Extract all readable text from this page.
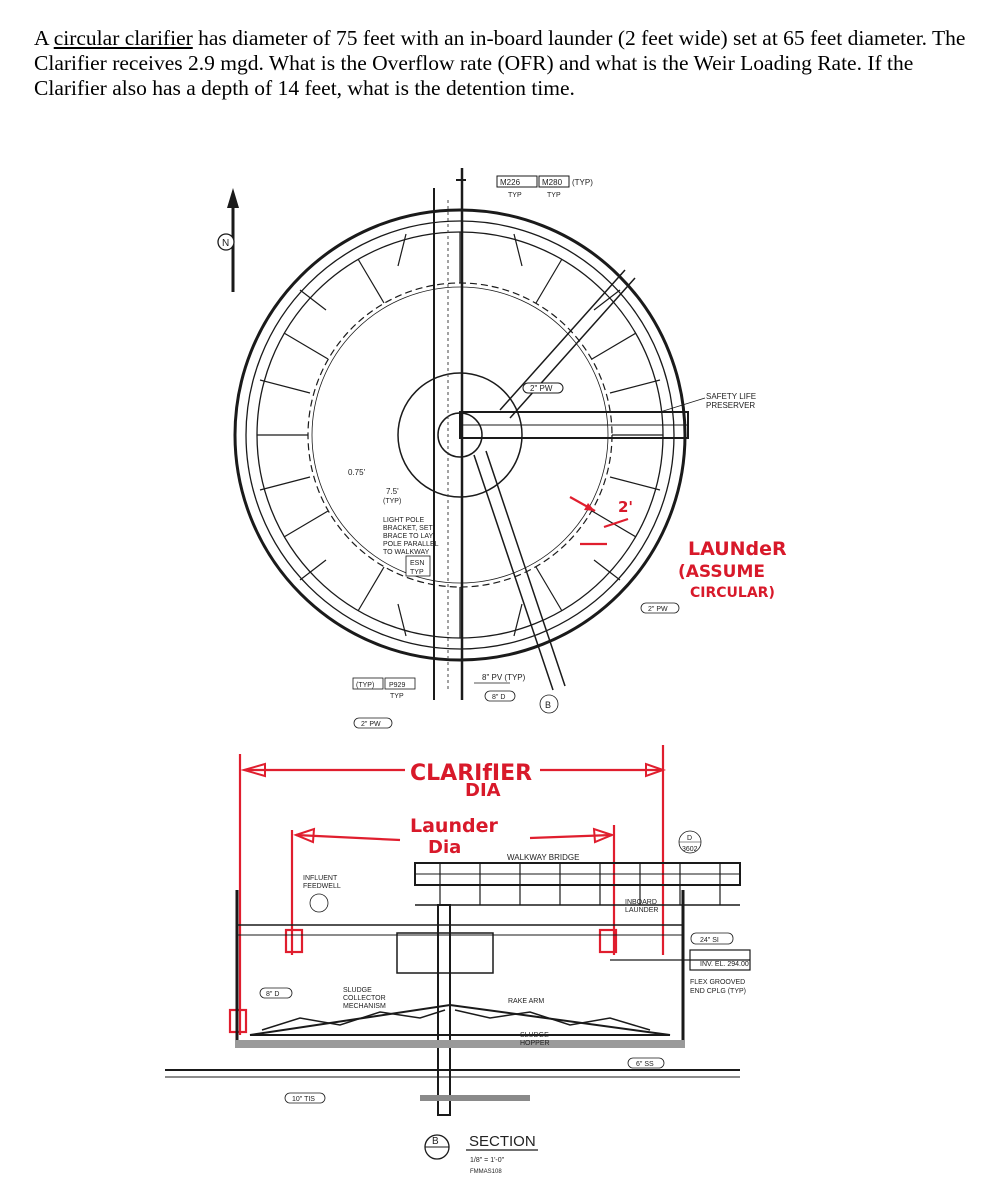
A circular clarifier has diameter of 75 feet with an in-board launder (2 feet wide) set at 65 feet diameter. The Clarifier receives 2.9 mgd. What is the Overflow rate (OFR) and what is the Weir Loading Rate. If the Clarifier also has a depth of 14 feet, what is the detention time.

N
M226	M280 (TYP)
TYP	TYP
2" PW
SAFETY LIFE
PRESERVER
0.75'
7.5'
(TYP)
LIGHT POLE
BRACKET, SET
BRACE TO LAY
POLE PARALLEL
TO WALKWAY
ESN
TYP
(TYP) P929
TYP
2" PW
8" PV (TYP)
8" D
B
2" PW
2'
LAUNdeR
(ASSUME
CIRCULAR)
CLARIfIER
DIA
Launder
Dia	WALKWAY BRIDGE
D
3602
INFLUENT
FEEDWELL
INBOARD
LAUNDER
24" SI
INV. EL. 294.00
FLEX GROOVED
END CPLG (TYP)
8" D
SLUDGE
COLLECTOR
MECHANISM
RAKE ARM
SLUDGE
HOPPER
6" SS
10" TIS
B SECTION
1/8" = 1'-0"
FMMAS108
